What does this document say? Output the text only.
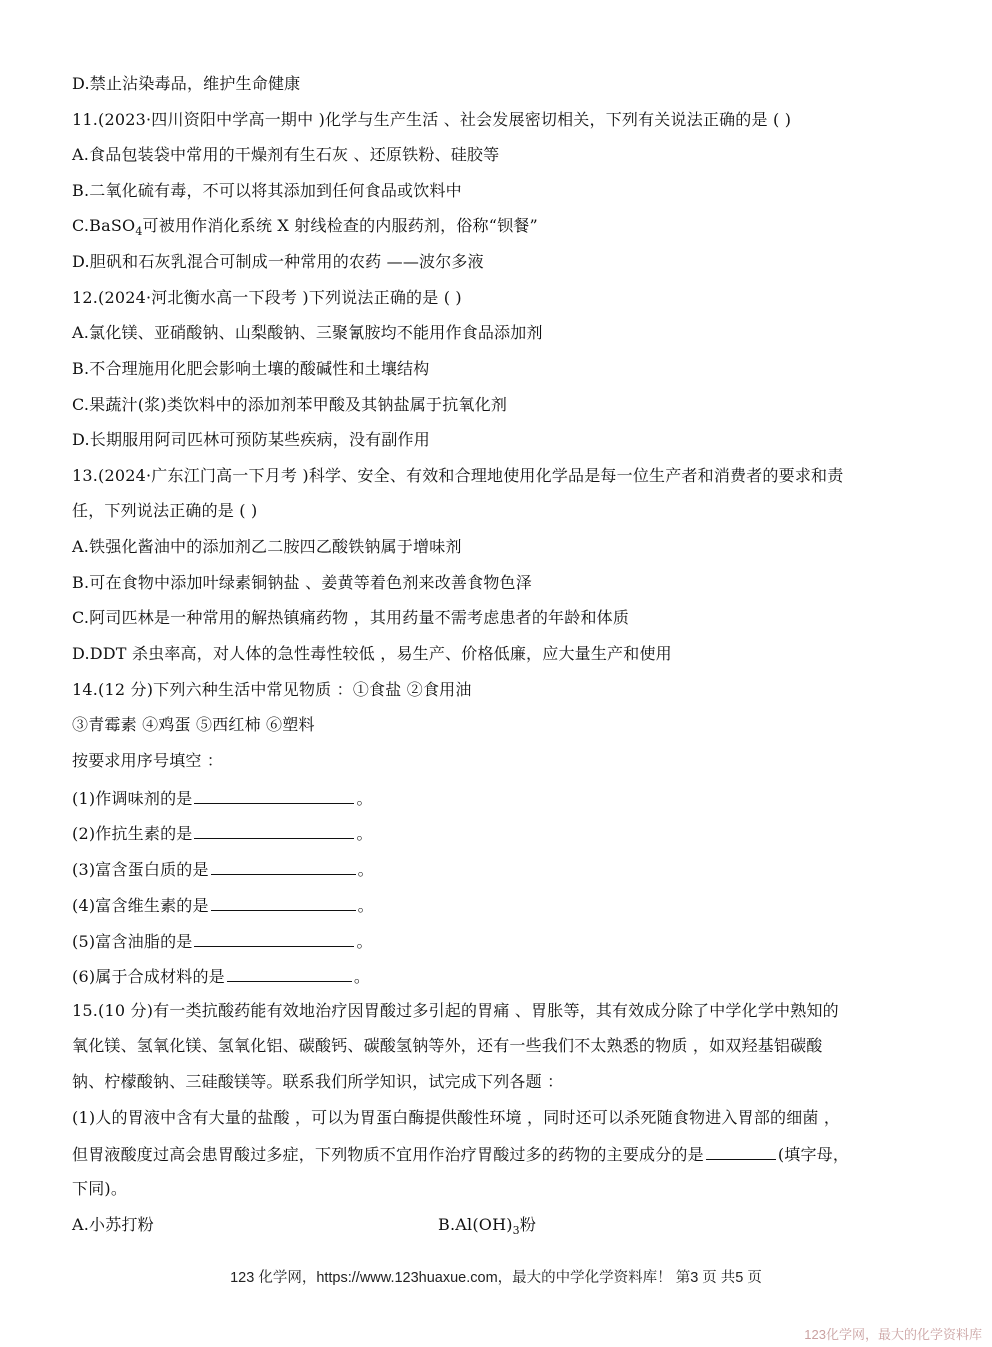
D.禁止沾染毒品，维护生命健康
11.(2023·四川资阳中学高一期中 )化学与生产生活 、社会发展密切相关，下列有关说法正确的是 ( )
A.食品包装袋中常用的干燥剂有生石灰 、还原铁粉、硅胶等
B.二氧化硫有毒，不可以将其添加到任何食品或饮料中
C.BaSO$_4$可被用作消化系统 X 射线检查的内服药剂，俗称“钡餐”
D.胆矾和石灰乳混合可制成一种常用的农药 ——波尔多液
12.(2024·河北衡水高一下段考 )下列说法正确的是 ( )
A.氯化镁、亚硝酸钠、山梨酸钠、三聚氰胺均不能用作食品添加剂
B.不合理施用化肥会影响土壤的酸碱性和土壤结构
C.果蔬汁(浆)类饮料中的添加剂苯甲酸及其钠盐属于抗氧化剂
D.长期服用阿司匹林可预防某些疾病，没有副作用
13.(2024·广东江门高一下月考 )科学、安全、有效和合理地使用化学品是每一位生产者和消费者的要求和责
任，下列说法正确的是 ( )
A.铁强化酱油中的添加剂乙二胺四乙酸铁钠属于增味剂
B.可在食物中添加叶绿素铜钠盐 、姜黄等着色剂来改善食物色泽
C.阿司匹林是一种常用的解热镇痛药物 ，其用药量不需考虑患者的年龄和体质
D.DDT 杀虫率高，对人体的急性毒性较低 ，易生产、价格低廉，应大量生产和使用
14.(12 分)下列六种生活中常见物质 ：①食盐 ②食用油
③青霉素 ④鸡蛋 ⑤西红柿 ⑥塑料
按要求用序号填空 ：
(1)作调味剂的是	。
(2)作抗生素的是	。
(3)富含蛋白质的是	。
(4)富含维生素的是	。
(5)富含油脂的是	。
(6)属于合成材料的是	。
15.(10 分)有一类抗酸药能有效地治疗因胃酸过多引起的胃痛 、胃胀等，其有效成分除了中学化学中熟知的
氧化镁、氢氧化镁、氢氧化铝、碳酸钙、碳酸氢钠等外，还有一些我们不太熟悉的物质 ，如双羟基铝碳酸
钠、柠檬酸钠、三硅酸镁等。联系我们所学知识，试完成下列各题 ：
(1)人的胃液中含有大量的盐酸 ，可以为胃蛋白酶提供酸性环境 ，同时还可以杀死随食物进入胃部的细菌 ，
但胃液酸度过高会患胃酸过多症，下列物质不宜用作治疗胃酸过多的药物的主要成分的是	(填字母，
下同)。
A.小苏打粉	$B.Al(OH)_3$粉
123 化学网，https://www.123huaxue.com，最大的中学化学资料库！ 第3 页 共5 页
123化学网，最大的化学资料库
